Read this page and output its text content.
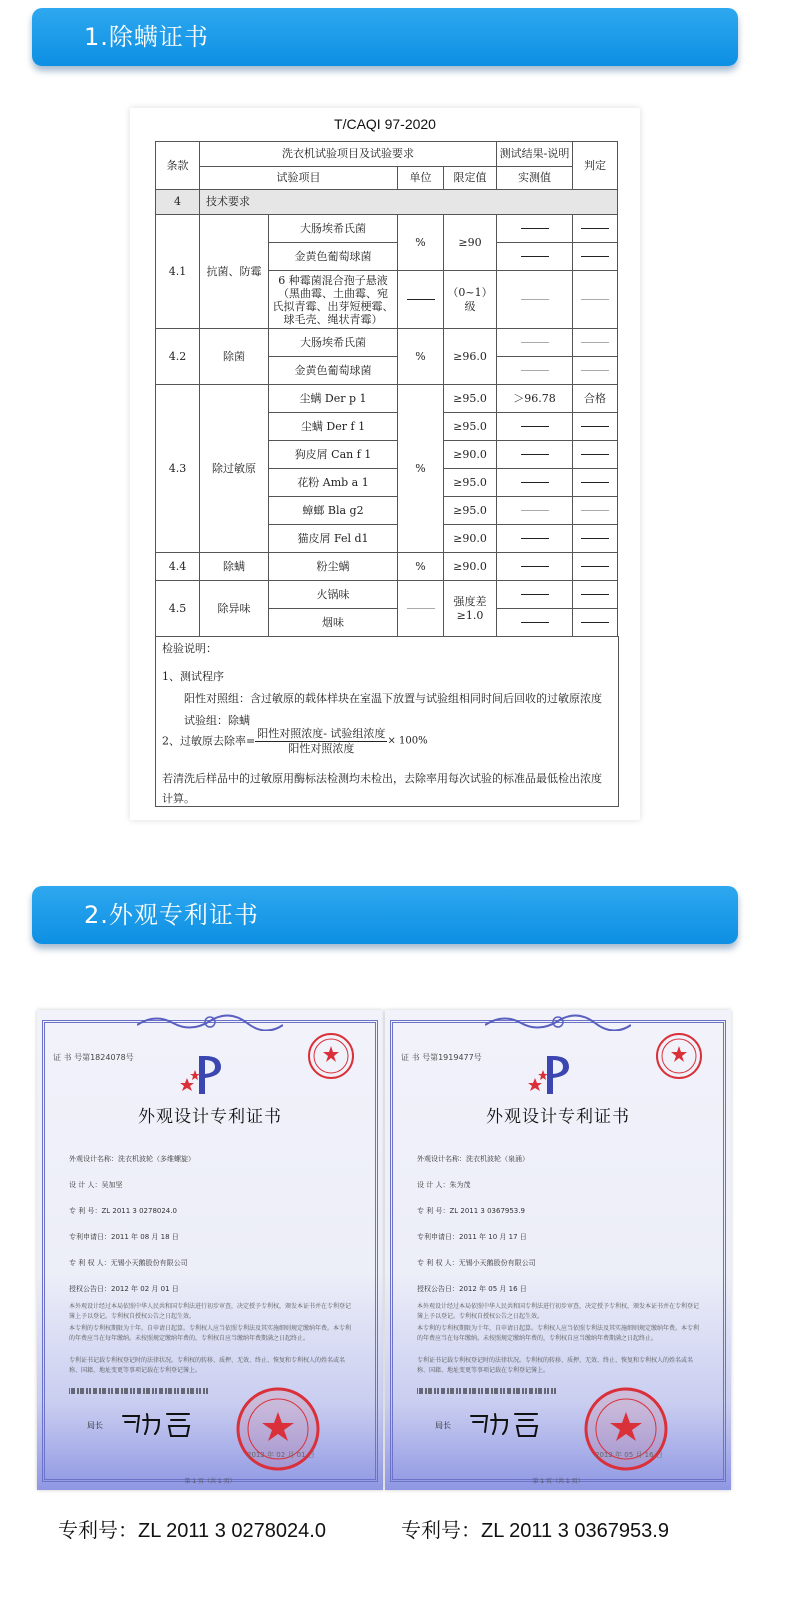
1.除螨证书
T/CAQI 97-2020
条款	洗衣机试验项目及试验要求				测试结果-说明	判定
	试验项目		单位	限定值	实测值	
4	技术要求					
4.1	抗菌、防霉	大肠埃希氏菌	%	≥90		
		金黄色葡萄球菌				
		6 种霉菌混合孢子悬液
（黑曲霉、土曲霉、宛
氏拟青霉、出芽短梗霉、
球毛壳、绳状青霉）		（0~1）
级		
4.2	除菌	大肠埃希氏菌	%	≥96.0		
		金黄色葡萄球菌				
4.3	除过敏原	尘螨 Der p 1	%	≥95.0	＞96.78	合格
		尘螨 Der f 1		≥95.0		
		狗皮屑 Can f 1		≥90.0		
		花粉 Amb a 1		≥95.0		
		蟑螂 Bla g2		≥95.0		
		猫皮屑 Fel d1		≥90.0		
4.4	除螨	粉尘螨	%	≥90.0		
4.5	除异味	火锅味		强度差
≥1.0		
		烟味				
检验说明：
1、测试程序
阳性对照组：含过敏原的载体样块在室温下放置与试验组相同时间后回收的过敏原浓度
试验组：除螨
2、过敏原去除率= $\frac{\text{阳性对照浓度- 试验组浓度}}{\text{阳性对照浓度}} \times 100\%$
若清洗后样品中的过敏原用酶标法检测均未检出，去除率用每次试验的标准品最低检出浓度
计算。
2.外观专利证书
证 书 号第1824078号
外观设计专利证书
外观设计名称：洗衣机波轮（多维螺旋）
设 计 人：吴加坚
专 利 号：ZL 2011 3 0278024.0
专利申请日：2011 年 08 月 18 日
专 利 权 人：无锡小天鹅股份有限公司
授权公告日：2012 年 02 月 01 日
本外观设计经过本局依照中华人民共和国专利法进行初步审查，决定授予专利权，颁发本证书并在专利登记簿上予以登记。专利权自授权公告之日起生效。
本专利的专利权期限为十年，自申请日起算。专利权人应当依照专利法及其实施细则规定缴纳年费。本专利的年费应当在每年缴纳。未按照规定缴纳年费的，专利权自应当缴纳年费期满之日起终止。
专利证书记载专利权登记时的法律状况。专利权的转移、质押、无效、终止、恢复和专利权人的姓名或名称、国籍、地址变更等事项记载在专利登记簿上。
局长
2012 年 02 月 01 日
第 1 页（共 1 页）
证 书 号第1919477号
外观设计专利证书
外观设计名称：洗衣机波轮（泉涌）
设 计 人：朱为茂
专 利 号：ZL 2011 3 0367953.9
专利申请日：2011 年 10 月 17 日
专 利 权 人：无锡小天鹅股份有限公司
授权公告日：2012 年 05 月 16 日
本外观设计经过本局依照中华人民共和国专利法进行初步审查，决定授予专利权，颁发本证书并在专利登记簿上予以登记。专利权自授权公告之日起生效。
本专利的专利权期限为十年，自申请日起算。专利权人应当依照专利法及其实施细则规定缴纳年费。本专利的年费应当在每年缴纳。未按照规定缴纳年费的，专利权自应当缴纳年费期满之日起终止。
专利证书记载专利权登记时的法律状况。专利权的转移、质押、无效、终止、恢复和专利权人的姓名或名称、国籍、地址变更等事项记载在专利登记簿上。
局长
2012 年 05 月 16 日
第 1 页（共 1 页）
专利号：ZL 2011 3 0278024.0	专利号：ZL 2011 3 0367953.9
